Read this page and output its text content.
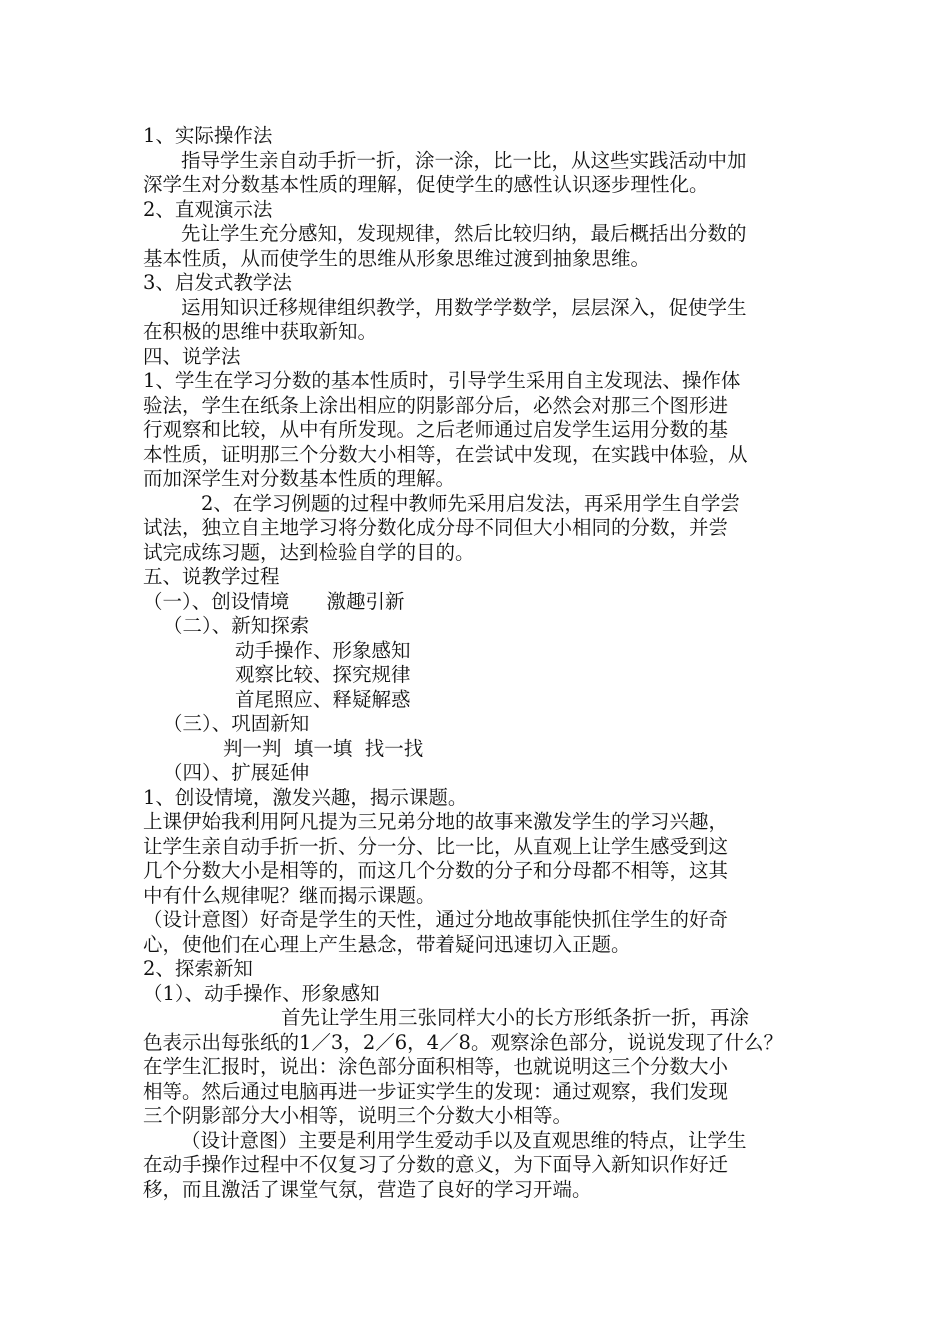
1、实际操作法
指导学生亲自动手折一折，涂一涂，比一比，从这些实践活动中加
深学生对分数基本性质的理解，促使学生的感性认识逐步理性化。
2、直观演示法
先让学生充分感知，发现规律，然后比较归纳，最后概括出分数的
基本性质，从而使学生的思维从形象思维过渡到抽象思维。
3、启发式教学法
运用知识迁移规律组织教学，用数学学数学，层层深入，促使学生
在积极的思维中获取新知。
四、说学法
1、学生在学习分数的基本性质时，引导学生采用自主发现法、操作体
验法，学生在纸条上涂出相应的阴影部分后，必然会对那三个图形进
行观察和比较，从中有所发现。之后老师通过启发学生运用分数的基
本性质，证明那三个分数大小相等，在尝试中发现，在实践中体验，从
而加深学生对分数基本性质的理解。
2、在学习例题的过程中教师先采用启发法，再采用学生自学尝
试法，独立自主地学习将分数化成分母不同但大小相同的分数，并尝
试完成练习题，达到检验自学的目的。
五、说教学过程
（一）、创设情境      激趣引新
（二）、新知探索
动手操作、形象感知
观察比较、探究规律
首尾照应、释疑解惑
（三）、巩固新知
判一判  填一填  找一找
（四）、扩展延伸
1、创设情境，激发兴趣，揭示课题。
上课伊始我利用阿凡提为三兄弟分地的故事来激发学生的学习兴趣，
让学生亲自动手折一折、分一分、比一比，从直观上让学生感受到这
几个分数大小是相等的，而这几个分数的分子和分母都不相等，这其
中有什么规律呢？继而揭示课题。
（设计意图）好奇是学生的天性，通过分地故事能快抓住学生的好奇
心，使他们在心理上产生悬念，带着疑问迅速切入正题。
2、探索新知
（1）、动手操作、形象感知
首先让学生用三张同样大小的长方形纸条折一折，再涂
色表示出每张纸的1／3，2／6，4／8。观察涂色部分，说说发现了什么？
在学生汇报时，说出：涂色部分面积相等，也就说明这三个分数大小
相等。然后通过电脑再进一步证实学生的发现：通过观察，我们发现
三个阴影部分大小相等，说明三个分数大小相等。
（设计意图）主要是利用学生爱动手以及直观思维的特点，让学生
在动手操作过程中不仅复习了分数的意义，为下面导入新知识作好迁
移，而且激活了课堂气氛，营造了良好的学习开端。
